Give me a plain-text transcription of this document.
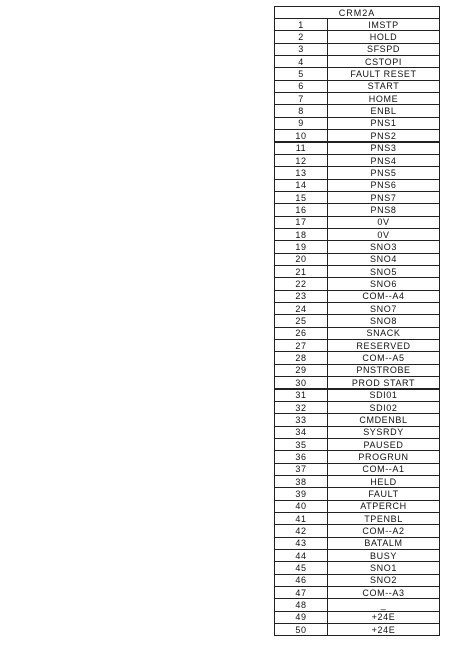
CRM2A
1	IMSTP
2	HOLD
3	SFSPD
4	CSTOPI
5	FAULT RESET
6	START
7	HOME
8	ENBL
9	PNS1
10	PNS2
11	PNS3
12	PNS4
13	PNS5
14	PNS6
15	PNS7
16	PNS8
17	0V
18	0V
19	SNO3
20	SNO4
21	SNO5
22	SNO6
23	COM--A4
24	SNO7
25	SNO8
26	SNACK
27	RESERVED
28	COM--A5
29	PNSTROBE
30	PROD START
31	SDI01
32	SDI02
33	CMDENBL
34	SYSRDY
35	PAUSED
36	PROGRUN
37	COM--A1
38	HELD
39	FAULT
40	ATPERCH
41	TPENBL
42	COM--A2
43	BATALM
44	BUSY
45	SNO1
46	SNO2
47	COM--A3
48	_
49	+24E
50	+24E
